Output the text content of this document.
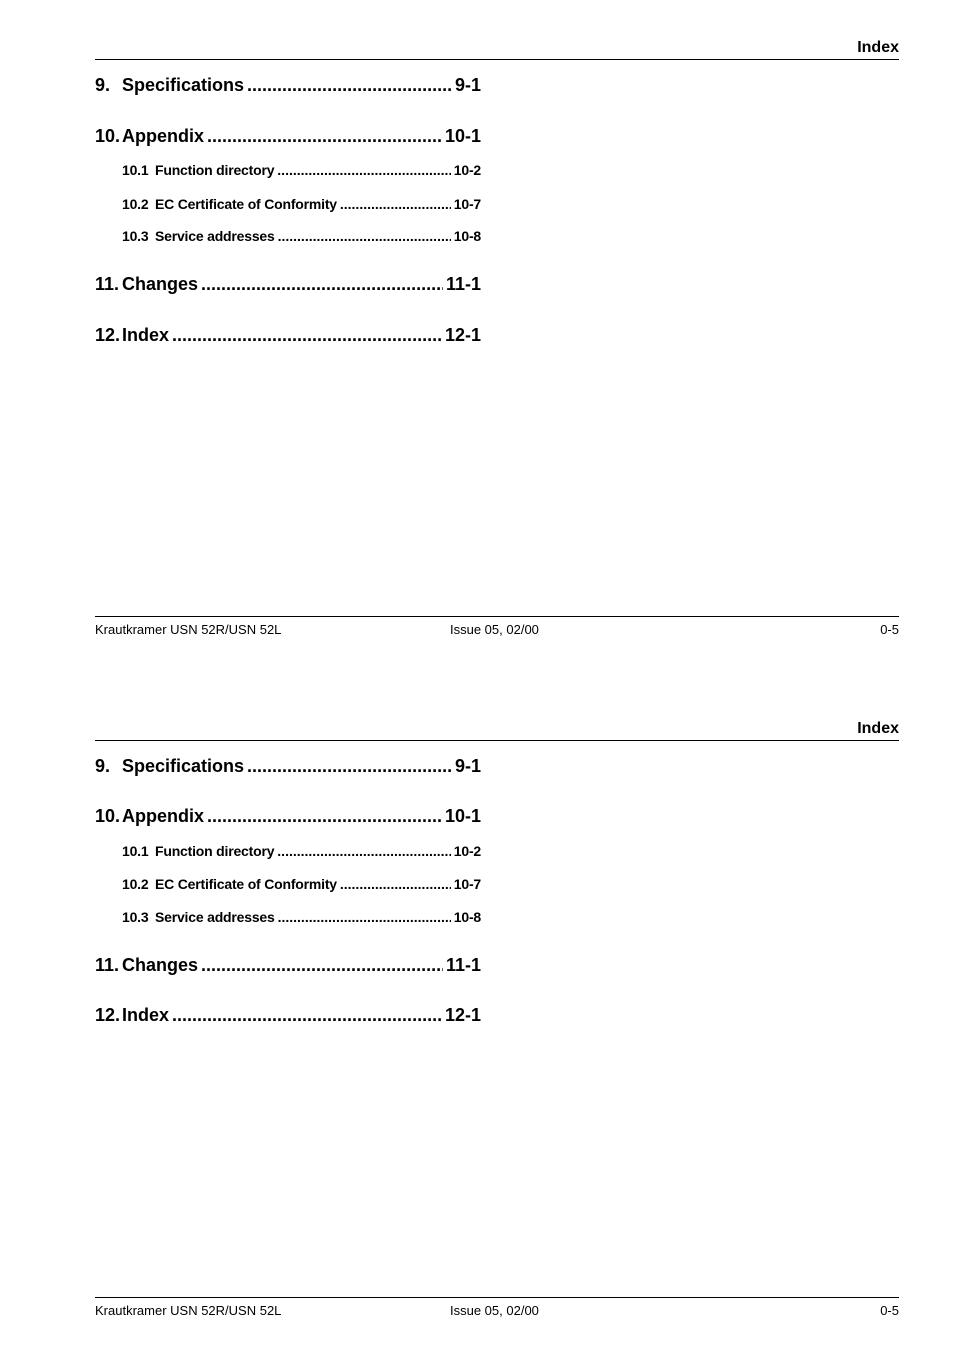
Index
9. Specifications .....	9-1
10. Appendix .....	10-1
10.1 Function directory .....	10-2
10.2 EC Certificate of Conformity .....	10-7
10.3 Service addresses .....	10-8
11. Changes .....	11-1
12. Index .....	12-1
Krautkramer USN 52R/USN 52L	Issue 05, 02/00	0-5
Index
9. Specifications .....	9-1
10. Appendix .....	10-1
10.1 Function directory .....	10-2
10.2 EC Certificate of Conformity .....	10-7
10.3 Service addresses .....	10-8
11. Changes .....	11-1
12. Index .....	12-1
Krautkramer USN 52R/USN 52L	Issue 05, 02/00	0-5
